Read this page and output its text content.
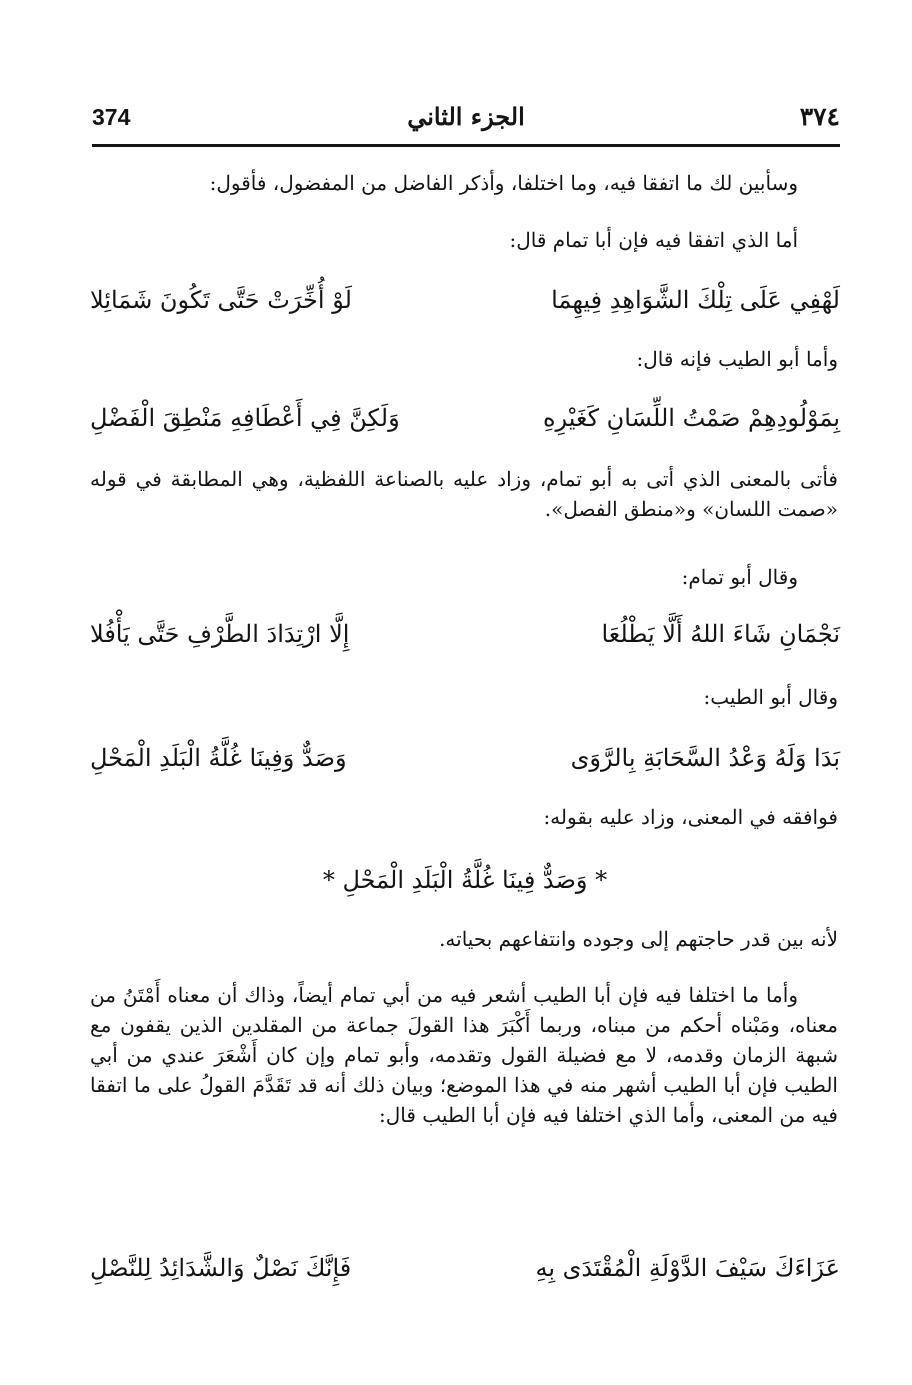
374	الجزء الثاني	٣٧٤
وسأبين لك ما اتفقا فيه، وما اختلفا، وأذكر الفاضل من المفضول، فأقول:
أما الذي اتفقا فيه فإن أبا تمام قال:
لَهْفِي عَلَى تِلْكَ الشَّوَاهِدِ فِيهِمَا
لَوْ أُخِّرَتْ حَتَّى تَكُونَ شَمَائِلا
وأما أبو الطيب فإنه قال:
بِمَوْلُودِهِمْ صَمْتُ اللِّسَانِ كَغَيْرِهِ
وَلَكِنَّ فِي أَعْطَافِهِ مَنْطِقَ الْفَضْلِ
فأتى بالمعنى الذي أتى به أبو تمام، وزاد عليه بالصناعة اللفظية، وهي المطابقة في قوله «صمت اللسان» و«منطق الفصل».
وقال أبو تمام:
نَجْمَانِ شَاءَ اللهُ أَلَّا يَطْلُعَا
إِلَّا ارْتِدَادَ الطَّرْفِ حَتَّى يَأْفُلا
وقال أبو الطيب:
بَدَا وَلَهُ وَعْدُ السَّحَابَةِ بِالرَّوَى
وَصَدٌّ وَفِينَا غُلَّةُ الْبَلَدِ الْمَحْلِ
فوافقه في المعنى، وزاد عليه بقوله:
* وَصَدٌّ فِينَا غُلَّةُ الْبَلَدِ الْمَحْلِ *
لأنه بين قدر حاجتهم إلى وجوده وانتفاعهم بحياته.
وأما ما اختلفا فيه فإن أبا الطيب أشعر فيه من أبي تمام أيضاً، وذاك أن معناه أَمْتَنُ من معناه، ومَبْناه أحكم من مبناه، وربما أَكْبَرَ هذا القولَ جماعة من المقلدين الذين يقفون مع شبهة الزمان وقدمه، لا مع فضيلة القول وتقدمه، وأبو تمام وإن كان أَشْعَرَ عندي من أبي الطيب فإن أبا الطيب أشهر منه في هذا الموضع؛ وبيان ذلك أنه قد تَقَدَّمَ القولُ على ما اتفقا فيه من المعنى، وأما الذي اختلفا فيه فإن أبا الطيب قال:
عَزَاءَكَ سَيْفَ الدَّوْلَةِ الْمُقْتَدَى بِهِ
فَإِنَّكَ نَصْلٌ وَالشَّدَائِدُ لِلنَّصْلِ
